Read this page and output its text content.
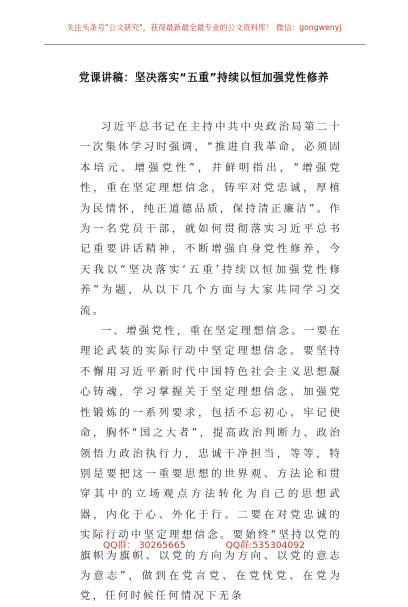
关注头条号"公文研究"，获得最新最全最专业的公文资料库！ 微信：gongwenyj
党课讲稿：坚决落实“五重”持续以恒加强党性修养

习近平总书记在主持中共中央政治局第二十一次集体学习时强调，“推进自我革命，必须固本培元、增强党性”，并鲜明指出，“增强党性，重在坚定理想信念，铸牢对党忠诚，厚植为民情怀，纯正道德品质，保持清正廉洁”。作为一名党员干部，就如何贯彻落实习近平总书记重要讲话精神，不断增强自身党性修养，今天我以“坚决落实‘五重’持续以恒加强党性修养”为题，从以下几个方面与大家共同学习交流。

一、增强党性，重在坚定理想信念。一要在理论武装的实际行动中坚定理想信念。要坚持不懈用习近平新时代中国特色社会主义思想凝心铸魂，学习掌握关于坚定理想信念、加强党性锻炼的一系列要求，包括不忘初心、牢记使命，胸怀“国之大者”，提高政治判断力、政治领悟力政治执行力，忠诚干净担当，等等，特别是要把这一重要思想的世界观、方法论和贯穿其中的立场观点方法转化为自己的思想武器，内化于心、外化于行。二要在对党忠诚的实际行动中坚定理想信念。要始终“坚持以党的旗帜为旗帜、以党的方向为方向、以党的意志为意志”，做到在党言党、在党忧党、在党为党，任何时候任何情况下无条

QQ群： 30265665	QQ群:535304092
